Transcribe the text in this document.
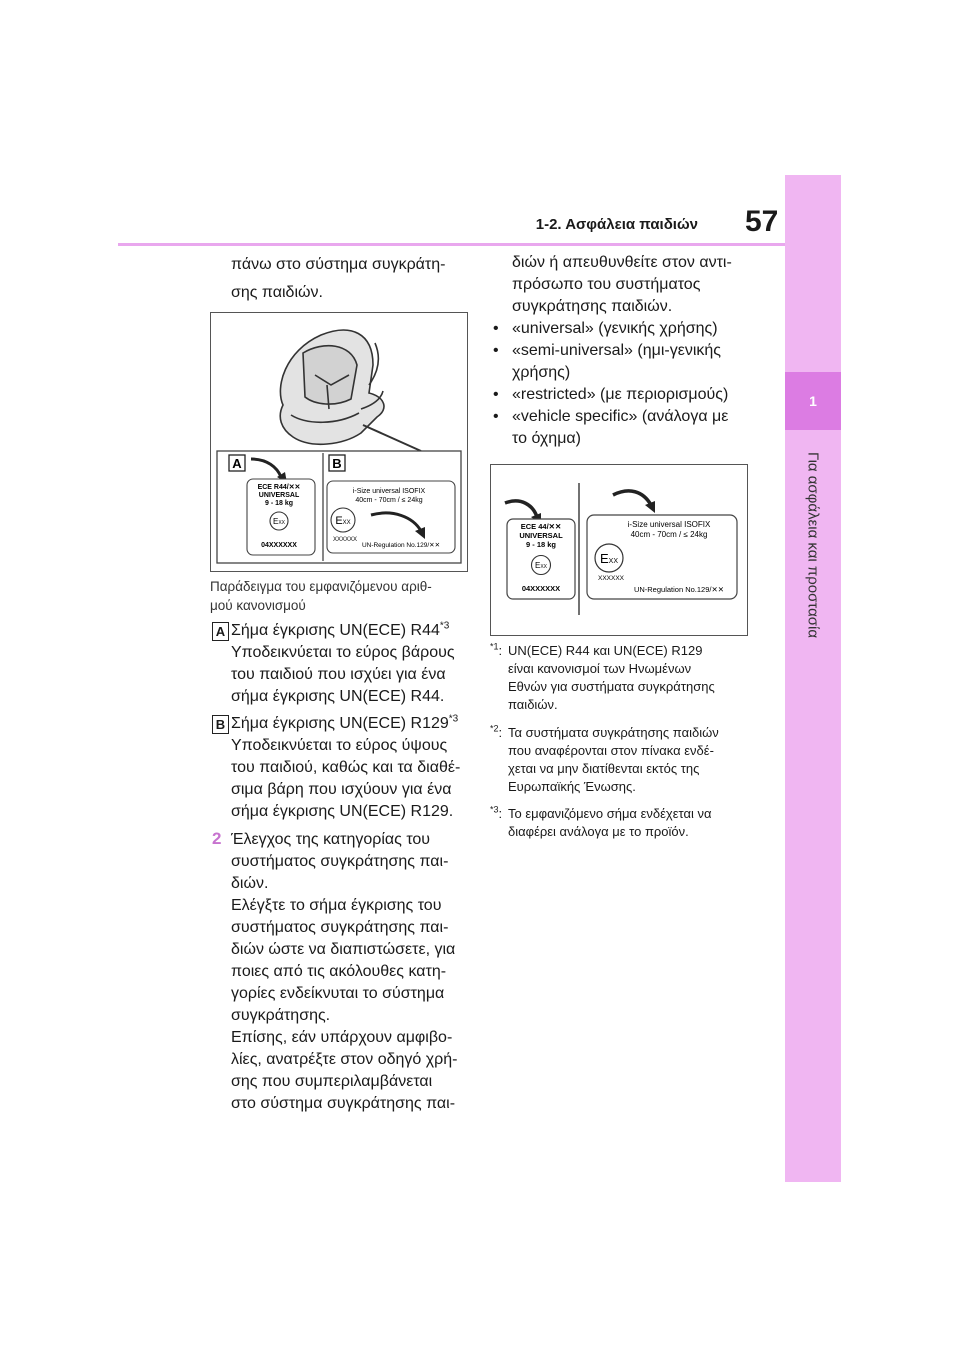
1
Για ασφάλεια και προστασία
1-2. Ασφάλεια παιδιών 57
πάνω στο σύστημα συγκράτη-
σης παιδιών.
A	B
ECE R44/✕✕
UNIVERSAL
9 - 18 kg
EXX
04XXXXXX
i-Size universal ISOFIX
40cm - 70cm / ≤ 24kg
EXX
XXXXXX
UN-Regulation No.129/✕✕
Παράδειγμα του εμφανιζόμενου αριθ-
μού κανονισμού
A Σήμα έγκρισης UN(ECE) R44$^{*3}$
Υποδεικνύεται το εύρος βάρους
του παιδιού που ισχύει για ένα
σήμα έγκρισης UN(ECE) R44.
B Σήμα έγκρισης UN(ECE) R129$^{*3}$
Υποδεικνύεται το εύρος ύψους
του παιδιού, καθώς και τα διαθέ-
σιμα βάρη που ισχύουν για ένα
σήμα έγκρισης UN(ECE) R129.
2 Έλεγχος της κατηγορίας του
συστήματος συγκράτησης παι-
διών.
Ελέγξτε το σήμα έγκρισης του
συστήματος συγκράτησης παι-
διών ώστε να διαπιστώσετε, για
ποιες από τις ακόλουθες κατη-
γορίες ενδείκνυται το σύστημα
συγκράτησης.
Επίσης, εάν υπάρχουν αμφιβο-
λίες, ανατρέξτε στον οδηγό χρή-
σης που συμπεριλαμβάνεται
στο σύστημα συγκράτησης παι-
διών ή απευθυνθείτε στον αντι-
πρόσωπο του συστήματος
συγκράτησης παιδιών.
• «universal» (γενικής χρήσης)
• «semi-universal» (ημι-γενικής
χρήσης)
• «restricted» (με περιορισμούς)
• «vehicle specific» (ανάλογα με
το όχημα)
ECE 44/✕✕
UNIVERSAL
9 - 18 kg
EXX
04XXXXXX
i-Size universal ISOFIX
40cm - 70cm / ≤ 24kg
EXX
XXXXXX
UN-Regulation No.129/✕✕
$^{*1}$: UN(ECE) R44 και UN(ECE) R129
είναι κανονισμοί των Ηνωμένων
Εθνών για συστήματα συγκράτησης
παιδιών.
$^{*2}$: Τα συστήματα συγκράτησης παιδιών
που αναφέρονται στον πίνακα ενδέ-
χεται να μην διατίθενται εκτός της
Ευρωπαϊκής Ένωσης.
$^{*3}$: Το εμφανιζόμενο σήμα ενδέχεται να
διαφέρει ανάλογα με το προϊόν.
